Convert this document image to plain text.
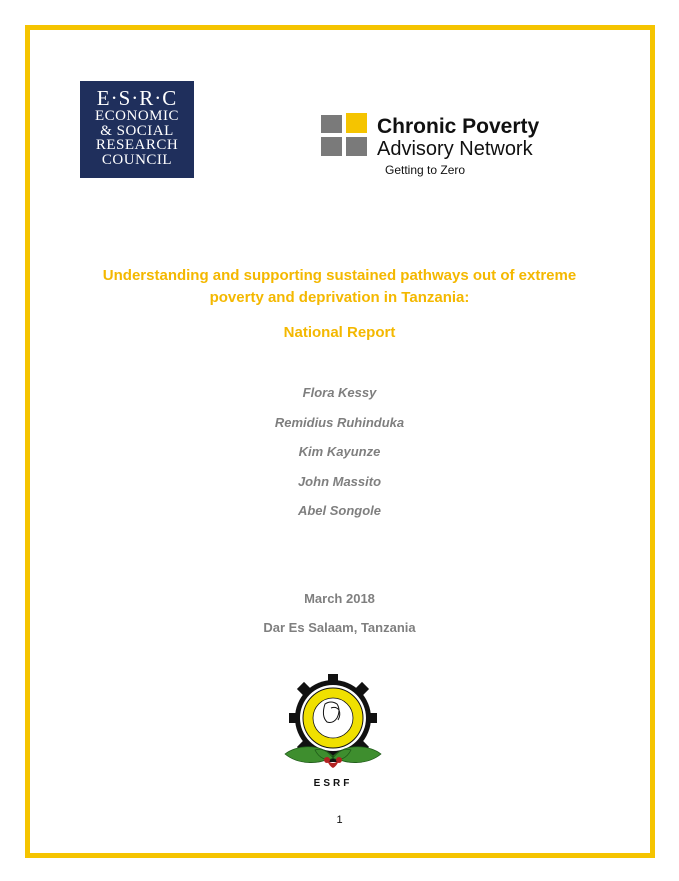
E·S·R·C
ECONOMIC
& SOCIAL
RESEARCH
COUNCIL
Chronic Poverty
Advisory Network
Getting to Zero
Understanding and supporting sustained pathways out of extreme
poverty and deprivation in Tanzania:
National Report
Flora Kessy
Remidius Ruhinduka
Kim Kayunze
John Massito
Abel Songole
March 2018
Dar Es Salaam, Tanzania
ESRF
1
